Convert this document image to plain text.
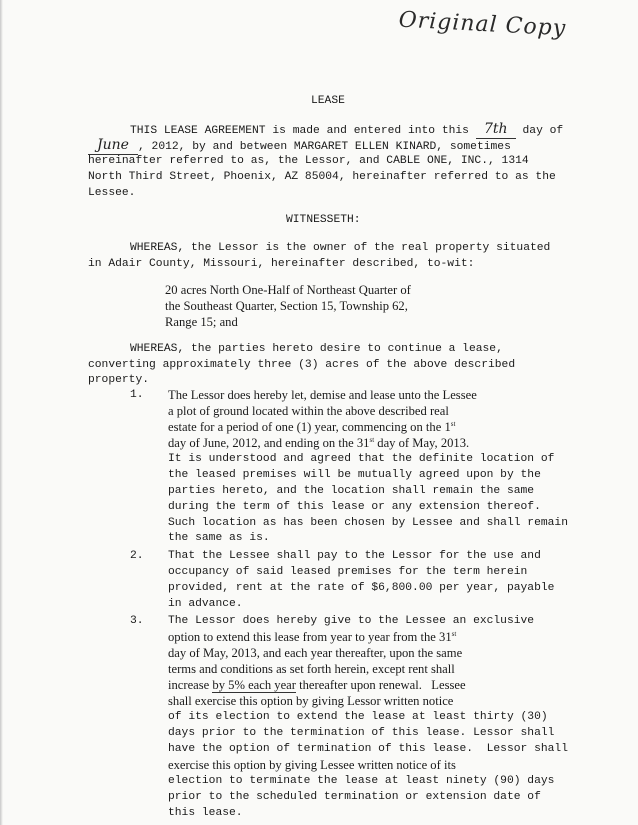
Original Copy
LEASE
THIS LEASE AGREEMENT is made and entered into this 7th day of
June , 2012, by and between MARGARET ELLEN KINARD, sometimes
hereinafter referred to as, the Lessor, and CABLE ONE, INC., 1314
North Third Street, Phoenix, AZ 85004, hereinafter referred to as the
Lessee.
WITNESSETH:
WHEREAS, the Lessor is the owner of the real property situated
in Adair County, Missouri, hereinafter described, to-wit:
20 acres North One-Half of Northeast Quarter of
the Southeast Quarter, Section 15, Township 62,
Range 15; and
WHEREAS, the parties hereto desire to continue a lease,
converting approximately three (3) acres of the above described
property.
1. The Lessor does hereby let, demise and lease unto the Lessee
a plot of ground located within the above described real
estate for a period of one (1) year, commencing on the 1st
day of June, 2012, and ending on the 31st day of May, 2013.
It is understood and agreed that the definite location of
the leased premises will be mutually agreed upon by the
parties hereto, and the location shall remain the same
during the term of this lease or any extension thereof.
Such location as has been chosen by Lessee and shall remain
the same as is.
2. That the Lessee shall pay to the Lessor for the use and
occupancy of said leased premises for the term herein
provided, rent at the rate of $6,800.00 per year, payable
in advance.
3. The Lessor does hereby give to the Lessee an exclusive
option to extend this lease from year to year from the 31st
day of May, 2013, and each year thereafter, upon the same
terms and conditions as set forth herein, except rent shall
increase by 5% each year thereafter upon renewal.   Lessee
shall exercise this option by giving Lessor written notice
of its election to extend the lease at least thirty (30)
days prior to the termination of this lease. Lessor shall
have the option of termination of this lease.  Lessor shall
exercise this option by giving Lessee written notice of its
election to terminate the lease at least ninety (90) days
prior to the scheduled termination or extension date of
this lease.
